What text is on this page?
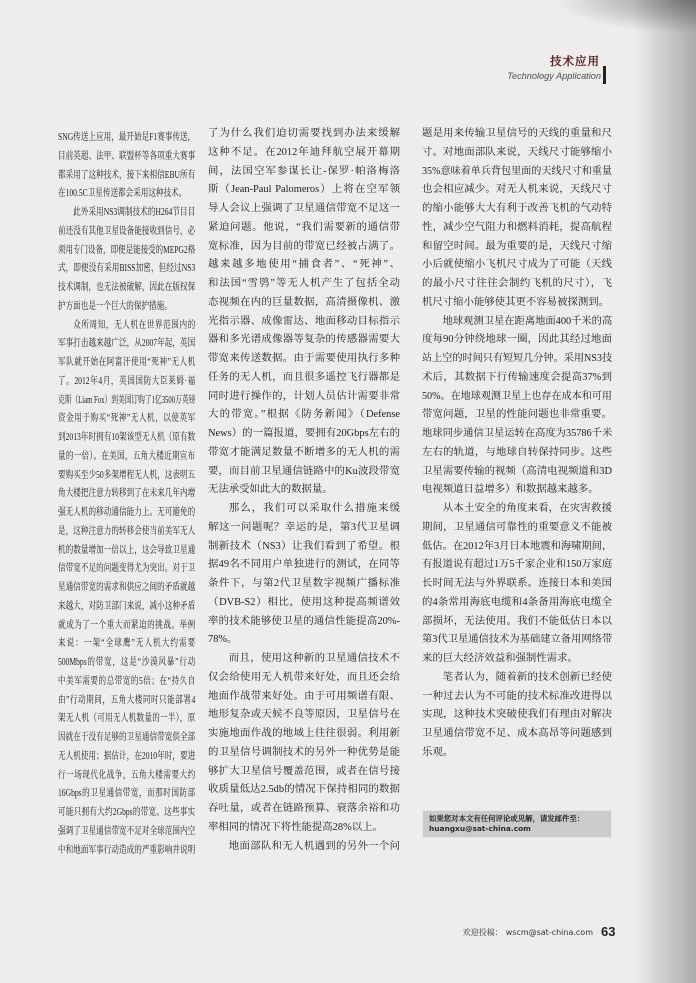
技术应用
Technology Application
SNG传送上应用，最开始是F1赛事传送，
目前英超、法甲、联盟杯等各项重大赛事
都采用了这种技术，接下来相信EBU所有
在100.5C卫星传送都会采用这种技术。
此外采用NS3调制技术的H264节目目
前还没有其他卫星设备能接收到信号，必
须用专门设备，即便是能接受的MEPG2格
式，即便没有采用BISS加密，但经过NS3
技术调制，也无法被破解，因此在版权保
护方面也是一个巨大的保护措施。
众所周知，无人机在世界范围内的
军事打击越来越广泛，从2007年起，英国
军队就开始在阿富汗使用“死神”无人机
了。2012年4月，英国国防大臣莱姆·福
克斯（Liam Fox）到美国订购了1亿3500万英镑
资金用于购买“死神”无人机，以使英军
到2013年时拥有10架该型无人机（原有数
量的一倍）。在美国，五角大楼近期宣布
要购买至少50多架增程无人机，这表明五
角大楼把注意力转移到了在未来几年内增
强无人机的移动通信能力上。无可避免的
是，这种注意力的转移会使当前美军无人
机的数量增加一倍以上，这会导致卫星通
信带宽不足的问题变得尤为突出。对于卫
星通信带宽的需求和供应之间的矛盾就越
来越大，对防卫部门来说，减小这种矛盾
就成为了一个重大而紧迫的挑战。举例
来说：一架“全球鹰”无人机大约需要
500Mbps的带宽，这是“沙漠风暴”行动
中美军需要的总带宽的5倍；在“持久自
由”行动期间，五角大楼同时只能部署4
架无人机（可用无人机数量的一半），原
因就在于没有足够的卫星通信带宽供全部
无人机使用；据估计，在2010年时，要进
行一场现代化战争，五角大楼需要大约
16Gbps的卫星通信带宽，而那时国防部
可能只拥有大约2Gbps的带宽。这些事实
强调了卫星通信带宽不足对全球范围内空
中和地面军事行动造成的严重影响并说明
了为什么我们迫切需要找到办法来缓解
这种不足。在2012年迪拜航空展开幕期
间，法国空军参谋长让-保罗·帕洛梅洛
斯（Jean-Paul Palomeros）上将在空军领
导人会议上强调了卫星通信带宽不足这一
紧迫问题。他说，“我们需要新的通信带
宽标准，因为目前的带宽已经被占满了。
越来越多地使用“捕食者”、“死神”、
和法国“雪鸮”等无人机产生了包括全动
态视频在内的巨量数据，高清摄像机、激
光指示器、成像雷达、地面移动目标指示
器和多光谱成像器等复杂的传感器需要大
带宽来传送数据。由于需要使用执行多种
任务的无人机，而且很多遥控飞行器都是
同时进行操作的，计划人员估计需要非常
大的带宽。”根据《防务新闻》（Defense
News）的一篇报道，要拥有20Gbps左右的
带宽才能满足数量不断增多的无人机的需
要，而目前卫星通信链路中的Ku波段带宽
无法承受如此大的数据量。
那么，我们可以采取什么措施来缓
解这一问题呢？幸运的是，第3代卫星调
制新技术（NS3）让我们看到了希望。根
据49名不同用户单独进行的测试，在同等
条件下，与第2代卫星数字视频广播标准
（DVB-S2）相比，使用这种提高频谱效
率的技术能够使卫星的通信性能提高20%-
78%。
而且，使用这种新的卫星通信技术不
仅会给使用无人机带来好处，而且还会给
地面作战带来好处。由于可用频谱有限、
地形复杂或天候不良等原因，卫星信号在
实施地面作战的地域上往往很弱。利用新
的卫星信号调制技术的另外一种优势是能
够扩大卫星信号覆盖范围，或者在信号接
收质量低达2.5db的情况下保持相同的数据
吞吐量，或者在链路预算、衰落余裕和功
率相同的情况下将性能提高28%以上。
地面部队和无人机遇到的另外一个问
题是用来传输卫星信号的天线的重量和尺
寸。对地面部队来说，天线尺寸能够缩小
35%意味着单兵背包里面的天线尺寸和重量
也会相应减少。对无人机来说，天线尺寸
的缩小能够大大有利于改善飞机的气动特
性，减少空气阻力和燃料消耗，提高航程
和留空时间。最为重要的是，天线尺寸缩
小后就使缩小飞机尺寸成为了可能（天线
的最小尺寸往往会制约飞机的尺寸），飞
机尺寸缩小能够使其更不容易被探测到。
地球观测卫星在距离地面400千米的高
度每90分钟绕地球一圈，因此其经过地面
站上空的时间只有短短几分钟。采用NS3技
术后，其数据下行传输速度会提高37%到
50%。在地球观测卫星上也存在成本和可用
带宽问题，卫星的性能问题也非常重要。
地球同步通信卫星运转在高度为35786千米
左右的轨道，与地球自转保持同步。这些
卫星需要传输的视频（高清电视频道和3D
电视频道日益增多）和数据越来越多。
从本土安全的角度来看，在灾害救援
期间，卫星通信可靠性的重要意义不能被
低估。在2012年3月日本地震和海啸期间，
有报道说有超过1万5千家企业和150万家庭
长时间无法与外界联系。连接日本和美国
的4条常用海底电缆和4条备用海底电缆全
部损坏，无法使用。我们不能低估日本以
第3代卫星通信技术为基础建立备用网络带
来的巨大经济效益和强制性需求。
笔者认为，随着新的技术创新已经使
一种过去认为不可能的技术标准改进得以
实现，这种技术突破使我们有理由对解决
卫星通信带宽不足、成本高昂等问题感到
乐观。
如果您对本文有任何评论或见解，请发邮件至：
huangxu@sat-china.com
欢迎投稿： wscm@sat-china.com 63
